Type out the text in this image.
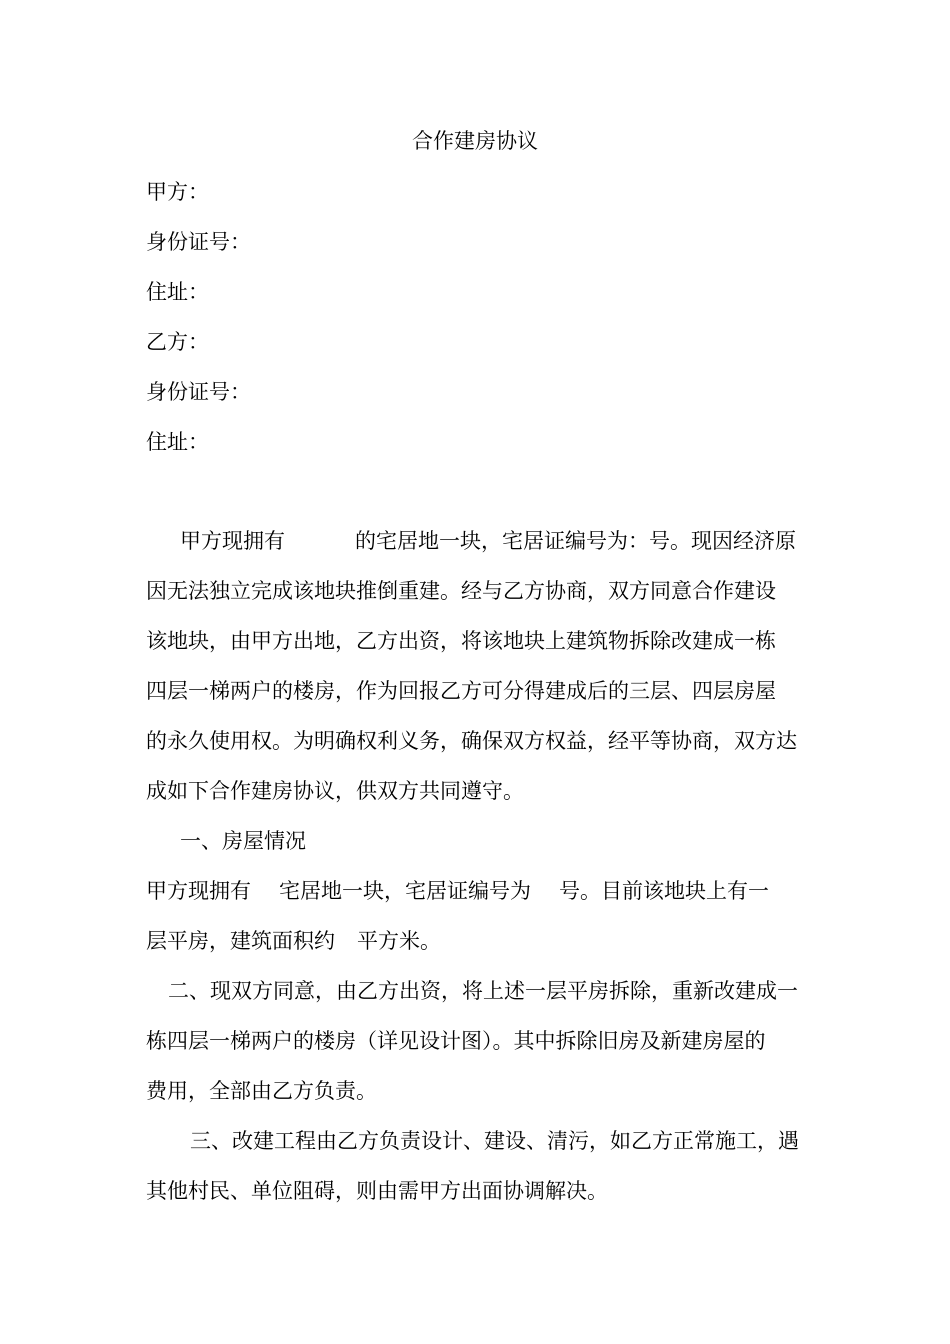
合作建房协议
甲方：
身份证号：
住址：
乙方：
身份证号：
住址：
甲方现拥有	的宅居地一块，宅居证编号为：号。现因经济原
因无法独立完成该地块推倒重建。经与乙方协商，双方同意合作建设
该地块，由甲方出地，乙方出资，将该地块上建筑物拆除改建成一栋
四层一梯两户的楼房，作为回报乙方可分得建成后的三层、四层房屋
的永久使用权。为明确权利义务，确保双方权益，经平等协商，双方达
成如下合作建房协议，供双方共同遵守。
一、房屋情况
甲方现拥有 宅居地一块，宅居证编号为 号。目前该地块上有一
层平房，建筑面积约 平方米。
二、现双方同意，由乙方出资，将上述一层平房拆除，重新改建成一
栋四层一梯两户的楼房（详见设计图）。其中拆除旧房及新建房屋的
费用，全部由乙方负责。
三、改建工程由乙方负责设计、建设、清污，如乙方正常施工，遇
其他村民、单位阻碍，则由需甲方出面协调解决。
